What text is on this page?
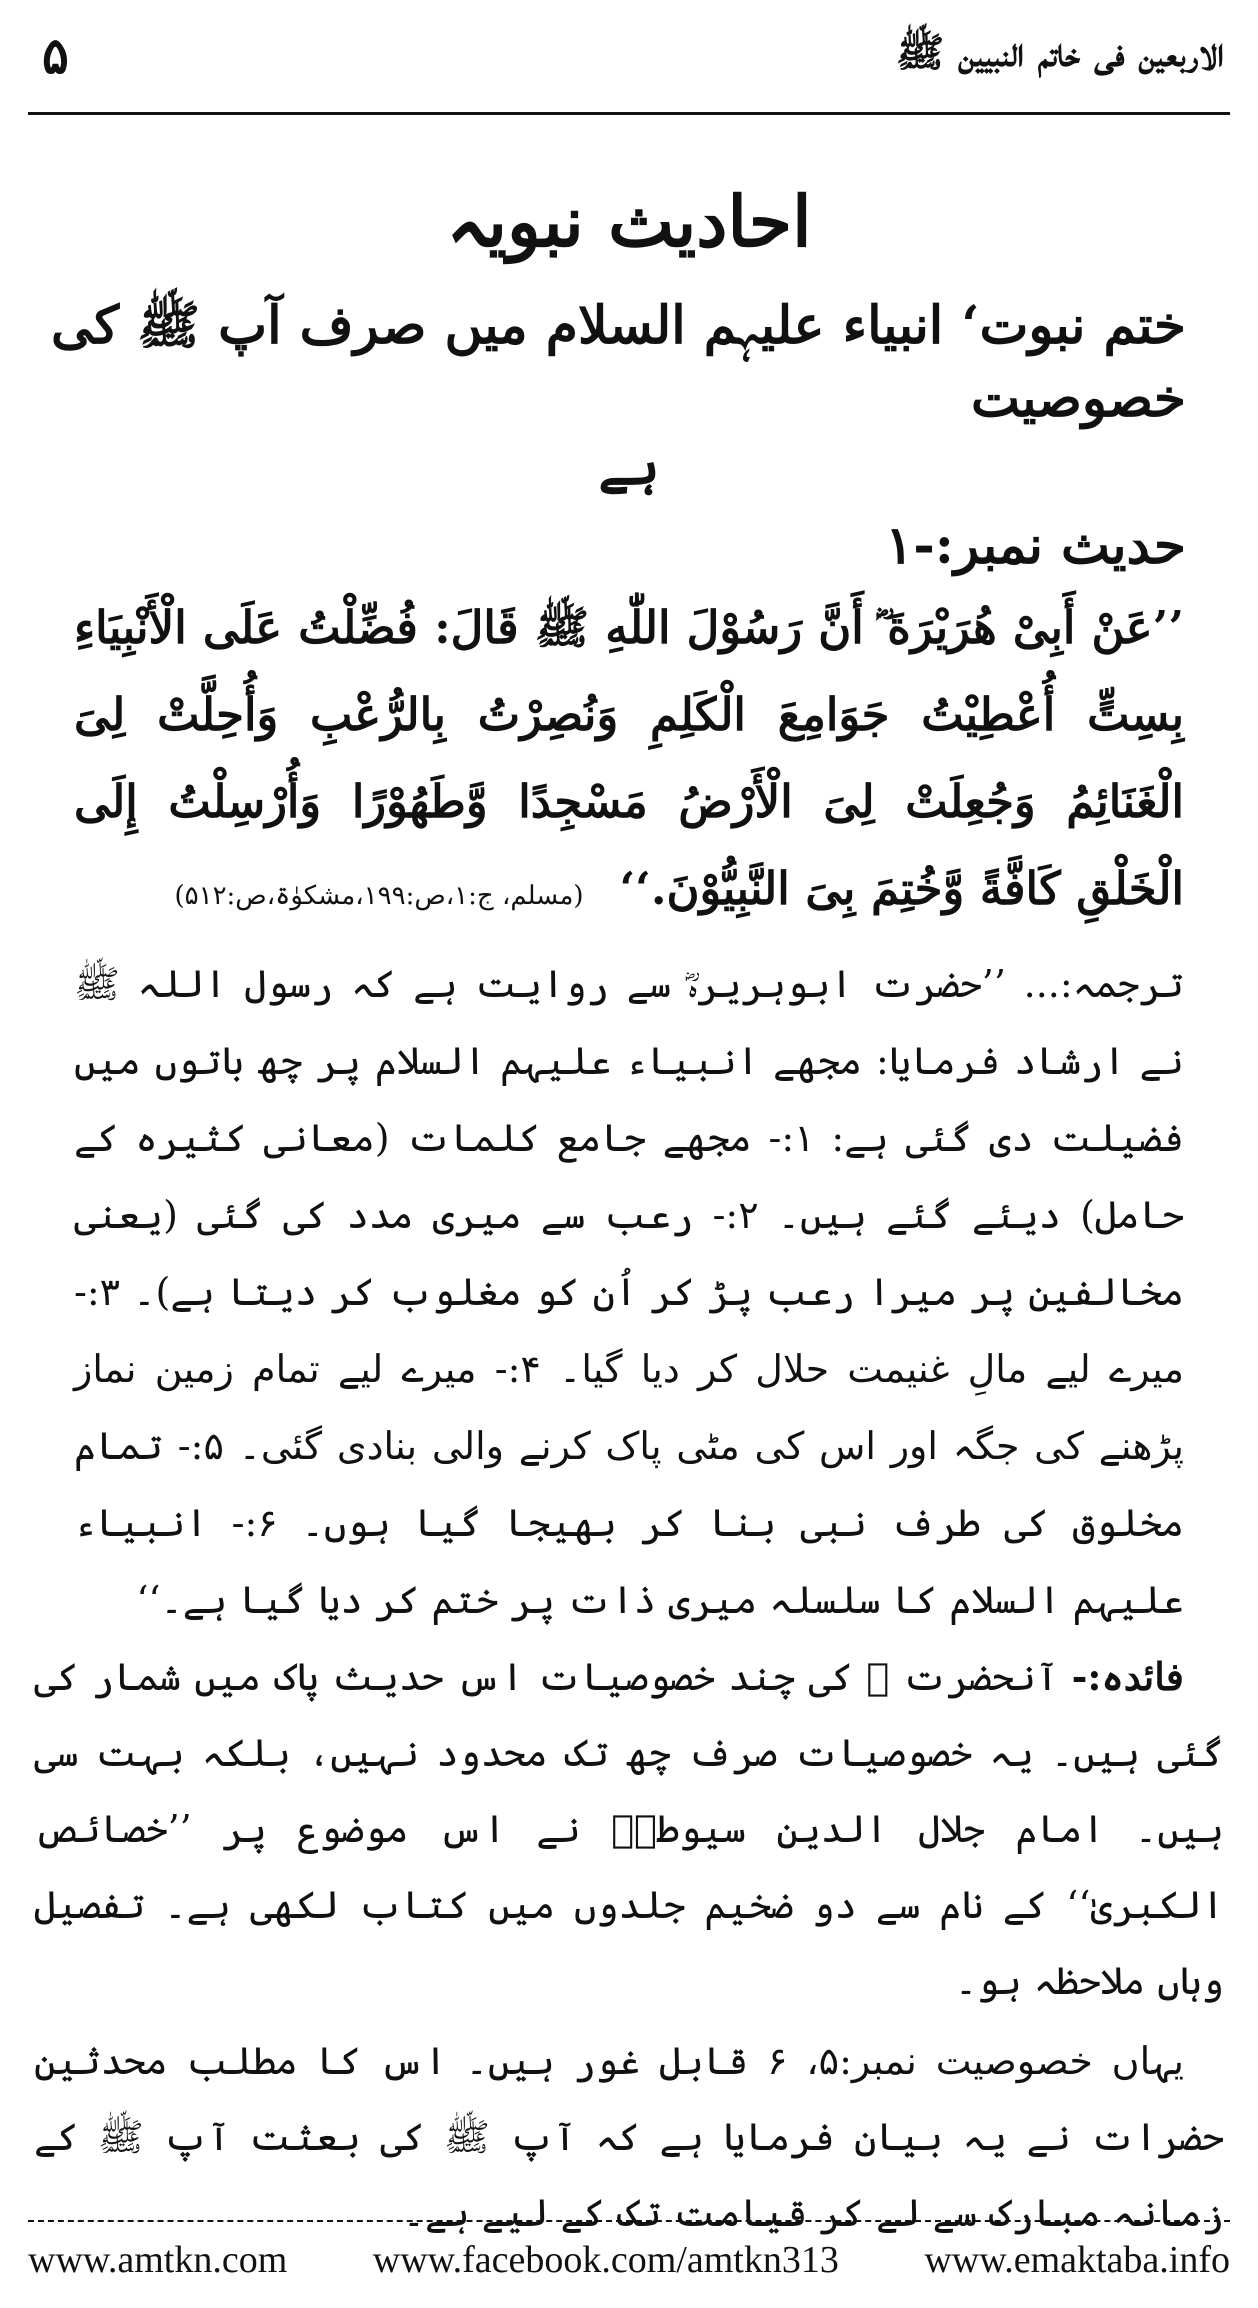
الاربعین فی خاتم النبیین ﷺ
۵
احادیث نبویہ
ختم نبوت‘ انبیاء علیہم السلام میں صرف آپ ﷺ کی خصوصیت
ہے
حدیث نمبر:-۱

’’عَنْ أَبِیْ هُرَیْرَةَ ؓ أَنَّ رَسُوْلَ اللّٰهِ ﷺ قَالَ: فُضِّلْتُ عَلَى الْأَنْبِیَاءِ بِسِتٍّ أُعْطِیْتُ جَوَامِعَ الْکَلِمِ وَنُصِرْتُ بِالرُّعْبِ وَأُحِلَّتْ لِیَ الْغَنَائِمُ وَجُعِلَتْ لِیَ الْأَرْضُ مَسْجِدًا وَّطَهُوْرًا وَأُرْسِلْتُ إِلَى الْخَلْقِ کَافَّةً وَّخُتِمَ بِیَ النَّبِیُّوْنَ.‘‘(مسلم، ج:۱،ص:۱۹۹،مشکوٰۃ،ص:۵۱۲)

ترجمہ:... ’’حضرت ابوہریرہؓ سے روایت ہے کہ رسول اللہ ﷺ نے ارشاد فرمایا: مجھے انبیاء علیہم السلام پر چھ باتوں میں فضیلت دی گئی ہے: ۱:- مجھے جامع کلمات (معانی کثیرہ کے حامل) دیئے گئے ہیں۔ ۲:- رعب سے میری مدد کی گئی (یعنی مخالفین پر میرا رعب پڑ کر اُن کو مغلوب کر دیتا ہے)۔ ۳:- میرے لیے مالِ غنیمت حلال کر دیا گیا۔ ۴:- میرے لیے تمام زمین نماز پڑھنے کی جگہ اور اس کی مٹی پاک کرنے والی بنادی گئی۔ ۵:- تمام مخلوق کی طرف نبی بنا کر بھیجا گیا ہوں۔ ۶:- انبیاء علیہم السلام کا سلسلہ میری ذات پر ختم کر دیا گیا ہے۔‘‘

فائدہ:- آنحضرت ﷺ کی چند خصوصیات اس حدیث پاک میں شمار کی گئی ہیں۔ یہ خصوصیات صرف چھ تک محدود نہیں، بلکہ بہت سی ہیں۔ امام جلال الدین سیوطیؒ نے اس موضوع پر ’’خصائص الکبریٰ‘‘ کے نام سے دو ضخیم جلدوں میں کتاب لکھی ہے۔ تفصیل وہاں ملاحظہ ہو۔

یہاں خصوصیت نمبر:۵، ۶ قابل غور ہیں۔ اس کا مطلب محدثین حضرات نے یہ بیان فرمایا ہے کہ آپ ﷺ کی بعثت آپ ﷺ کے زمانہ مبارک سے لے کر قیامت تک کے لیے ہے۔

www.amtkn.com www.facebook.com/amtkn313 www.emaktaba.info
